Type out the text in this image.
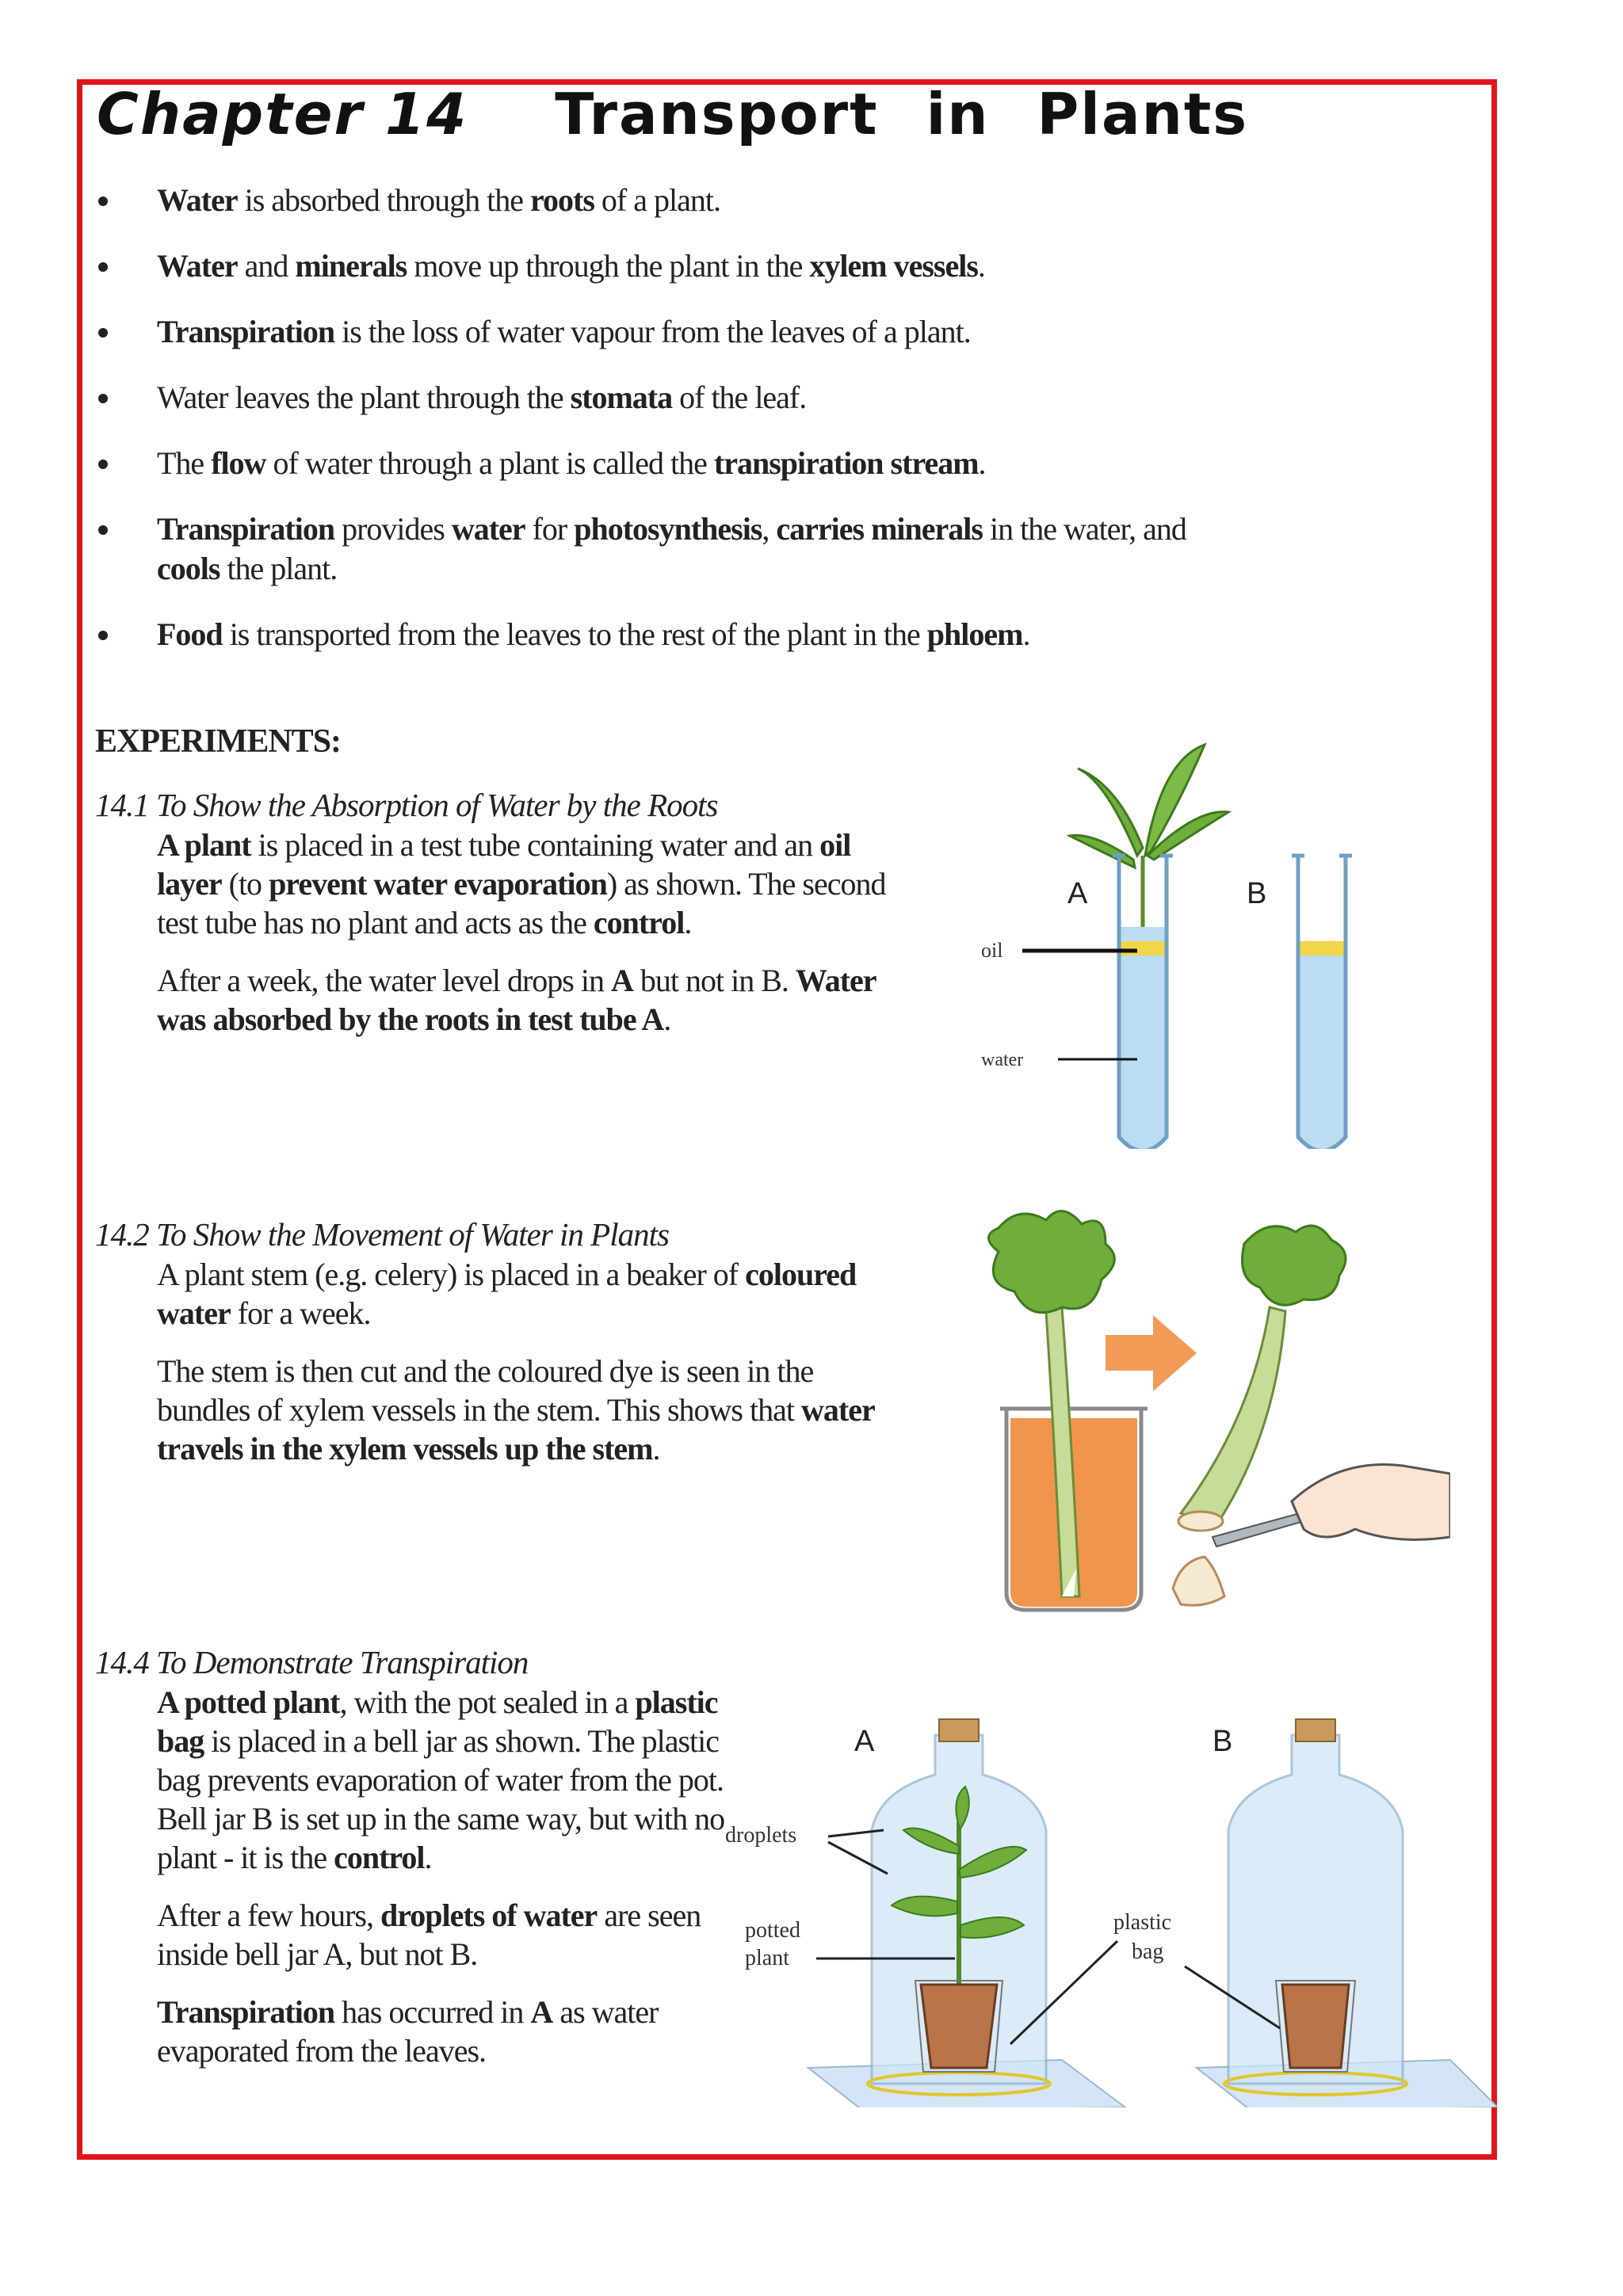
Chapter 14 Transport in Plants
Water is absorbed through the roots of a plant.
Water and minerals move up through the plant in the xylem vessels.
Transpiration is the loss of water vapour from the leaves of a plant.
Water leaves the plant through the stomata of the leaf.
The flow of water through a plant is called the transpiration stream.
Transpiration provides water for photosynthesis, carries minerals in the water, and cools the plant.
Food is transported from the leaves to the rest of the plant in the phloem.
EXPERIMENTS:
14.1 To Show the Absorption of Water by the Roots

A plant is placed in a test tube containing water and an oil layer (to prevent water evaporation) as shown. The second test tube has no plant and acts as the control.

After a week, the water level drops in A but not in B. Water was absorbed by the roots in test tube A.

14.2 To Show the Movement of Water in Plants

A plant stem (e.g. celery) is placed in a beaker of coloured water for a week.

The stem is then cut and the coloured dye is seen in the bundles of xylem vessels in the stem. This shows that water travels in the xylem vessels up the stem.

14.4 To Demonstrate Transpiration

A potted plant, with the pot sealed in a plastic bag is placed in a bell jar as shown. The plastic bag prevents evaporation of water from the pot. Bell jar B is set up in the same way, but with no plant - it is the control.

After a few hours, droplets of water are seen inside bell jar A, but not B.

Transpiration has occurred in A as water evaporated from the leaves.

A	B
oil
water
A	B
droplets
potted
plant
plastic
bag
